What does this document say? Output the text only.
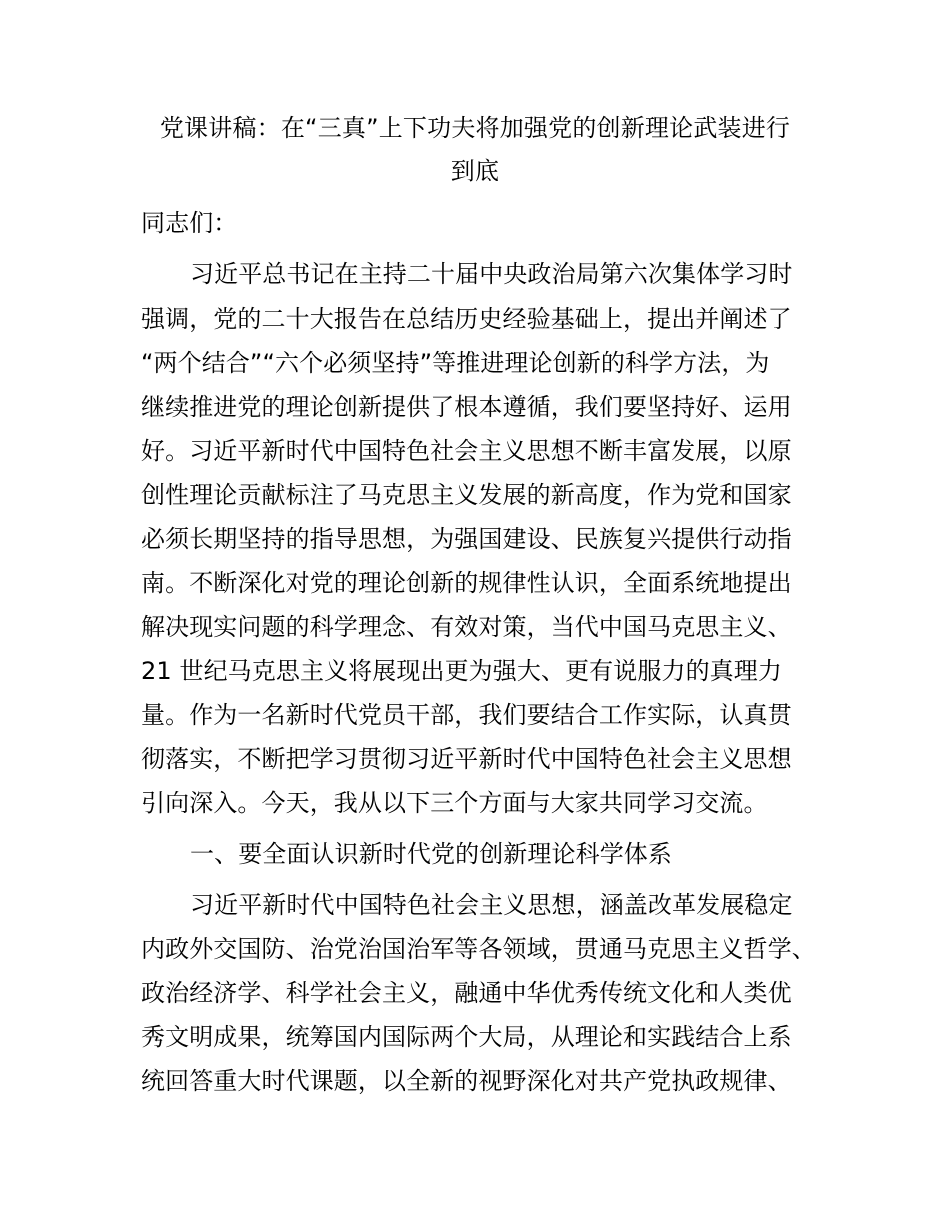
党课讲稿：在“三真”上下功夫将加强党的创新理论武装进行
到底
同志们：
习近平总书记在主持二十届中央政治局第六次集体学习时
强调，党的二十大报告在总结历史经验基础上，提出并阐述了
“两个结合”“六个必须坚持”等推进理论创新的科学方法，为
继续推进党的理论创新提供了根本遵循，我们要坚持好、运用
好。习近平新时代中国特色社会主义思想不断丰富发展，以原
创性理论贡献标注了马克思主义发展的新高度，作为党和国家
必须长期坚持的指导思想，为强国建设、民族复兴提供行动指
南。不断深化对党的理论创新的规律性认识，全面系统地提出
解决现实问题的科学理念、有效对策，当代中国马克思主义、
21 世纪马克思主义将展现出更为强大、更有说服力的真理力
量。作为一名新时代党员干部，我们要结合工作实际，认真贯
彻落实，不断把学习贯彻习近平新时代中国特色社会主义思想
引向深入。今天，我从以下三个方面与大家共同学习交流。
一、要全面认识新时代党的创新理论科学体系
习近平新时代中国特色社会主义思想，涵盖改革发展稳定
内政外交国防、治党治国治军等各领域，贯通马克思主义哲学、
政治经济学、科学社会主义，融通中华优秀传统文化和人类优
秀文明成果，统筹国内国际两个大局，从理论和实践结合上系
统回答重大时代课题，以全新的视野深化对共产党执政规律、
